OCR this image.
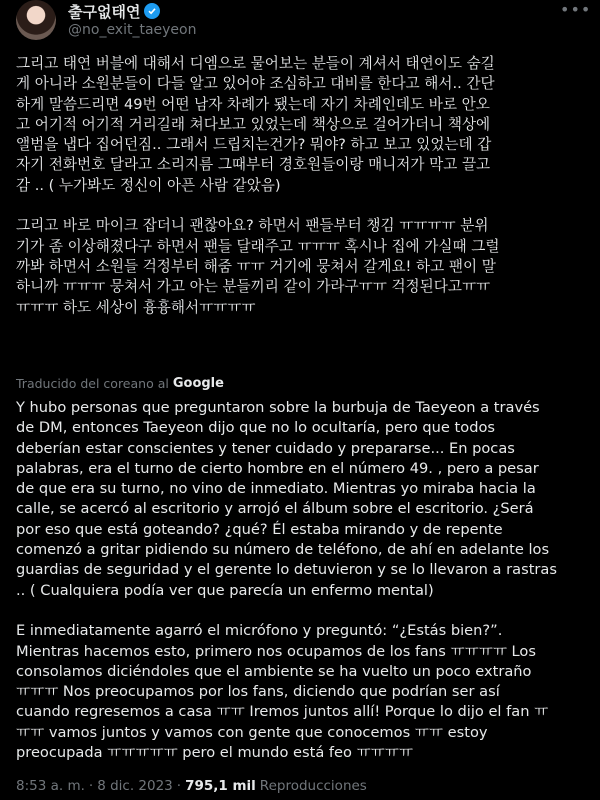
출구없태연
@no_exit_taeyeon
•••
그리고 태연 버블에 대해서 디엠으로 물어보는 분들이 계셔서 태연이도 숨길
게 아니라 소원분들이 다들 알고 있어야 조심하고 대비를 한다고 해서.. 간단
하게 말씀드리면 49번 어떤 남자 차례가 됐는데 자기 차례인데도 바로 안오
고 어기적 어기적 거리길래 쳐다보고 있었는데 책상으로 걸어가더니 책상에
앨범을 냅다 집어던짐.. 그래서 드립치는건가? 뭐야? 하고 보고 있었는데 갑
자기 전화번호 달라고 소리지름 그때부터 경호원들이랑 매니저가 막고 끌고
감 .. ( 누가봐도 정신이 아픈 사람 같았음)

그리고 바로 마이크 잡더니 괜찮아요? 하면서 팬들부터 챙김 ㅠㅠㅠㅠ 분위
기가 좀 이상해졌다구 하면서 팬들 달래주고 ㅠㅠㅠ 혹시나 집에 가실때 그럴
까봐 하면서 소원들 걱정부터 해줌 ㅠㅠ 거기에 뭉쳐서 갈게요! 하고 팬이 말
하니까 ㅠㅠㅠ 뭉쳐서 가고 아는 분들끼리 같이 가라구ㅠㅠ 걱정된다고ㅠㅠ
ㅠㅠㅠ 하도 세상이 흉흉해서ㅠㅠㅠㅠ
Traducido del coreano al Google
Y hubo personas que preguntaron sobre la burbuja de Taeyeon a través
de DM, entonces Taeyeon dijo que no lo ocultaría, pero que todos
deberían estar conscientes y tener cuidado y prepararse... En pocas
palabras, era el turno de cierto hombre en el número 49. , pero a pesar
de que era su turno, no vino de inmediato. Mientras yo miraba hacia la
calle, se acercó al escritorio y arrojó el álbum sobre el escritorio. ¿Será
por eso que está goteando? ¿qué? Él estaba mirando y de repente
comenzó a gritar pidiendo su número de teléfono, de ahí en adelante los
guardias de seguridad y el gerente lo detuvieron y se lo llevaron a rastras
.. ( Cualquiera podía ver que parecía un enfermo mental)

E inmediatamente agarró el micrófono y preguntó: “¿Estás bien?”.
Mientras hacemos esto, primero nos ocupamos de los fans ㅠㅠㅠㅠ Los
consolamos diciéndoles que el ambiente se ha vuelto un poco extraño
ㅠㅠㅠ Nos preocupamos por los fans, diciendo que podrían ser así
cuando regresemos a casa ㅠㅠ Iremos juntos allí! Porque lo dijo el fan ㅠ
ㅠㅠ vamos juntos y vamos con gente que conocemos ㅠㅠ estoy
preocupada ㅠㅠㅠㅠㅠ pero el mundo está feo ㅠㅠㅠㅠ
8:53 a. m. · 8 dic. 2023 · 795,1 mil Reproducciones
